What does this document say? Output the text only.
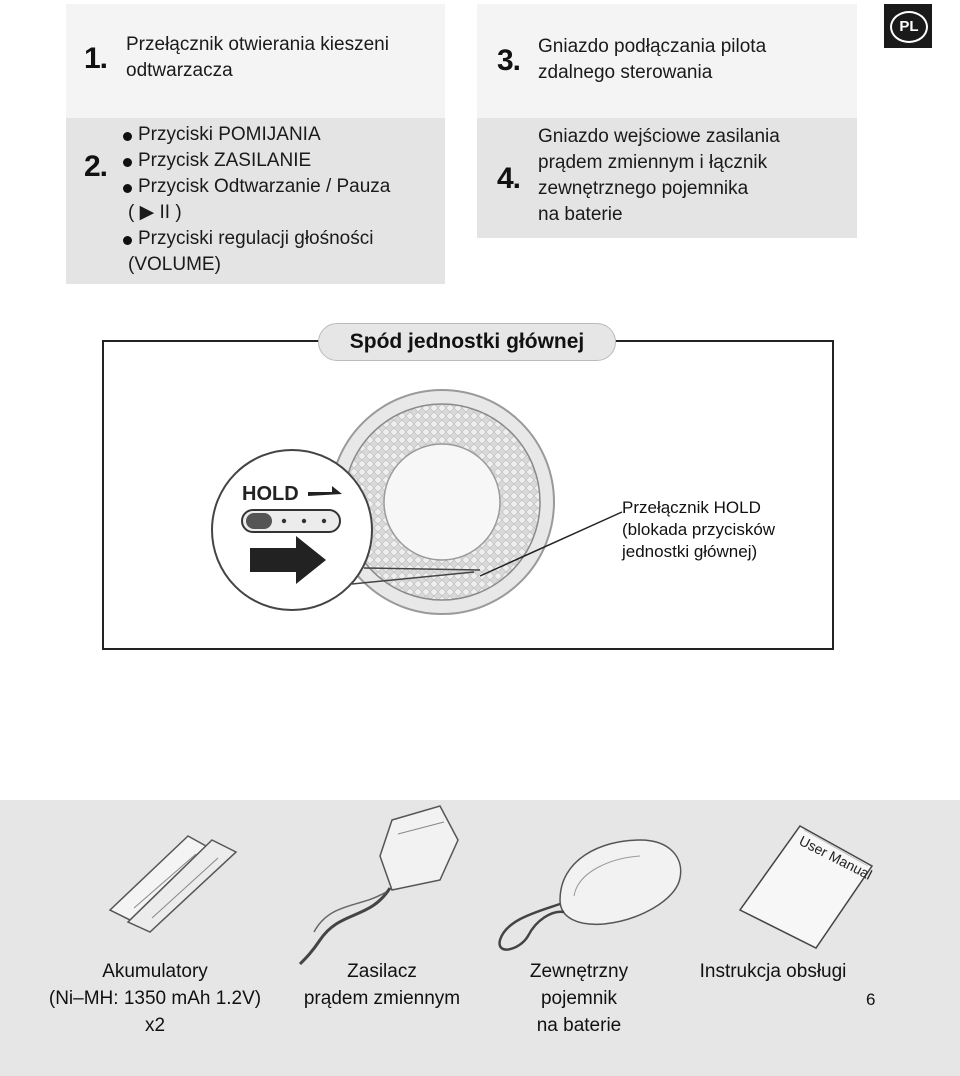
PL
1. Przełącznik otwierania kieszeni
odtwarzacza
2.
Przyciski POMIJANIA
Przycisk ZASILANIE
Przycisk Odtwarzanie / Pauza
( ▶ II )
Przyciski regulacji głośności
(VOLUME)
3. Gniazdo podłączania pilota
zdalnego sterowania
4.
Gniazdo wejściowe zasilania
prądem zmiennym i łącznik
zewnętrznego pojemnika
na baterie
Spód jednostki głównej
HOLD
Przełącznik HOLD
(blokada przycisków
jednostki głównej)
User Manual
Akumulatory
(Ni–MH: 1350 mAh 1.2V)
x2
Zasilacz
prądem zmiennym
Zewnętrzny
pojemnik
na baterie
Instrukcja obsługi
6
